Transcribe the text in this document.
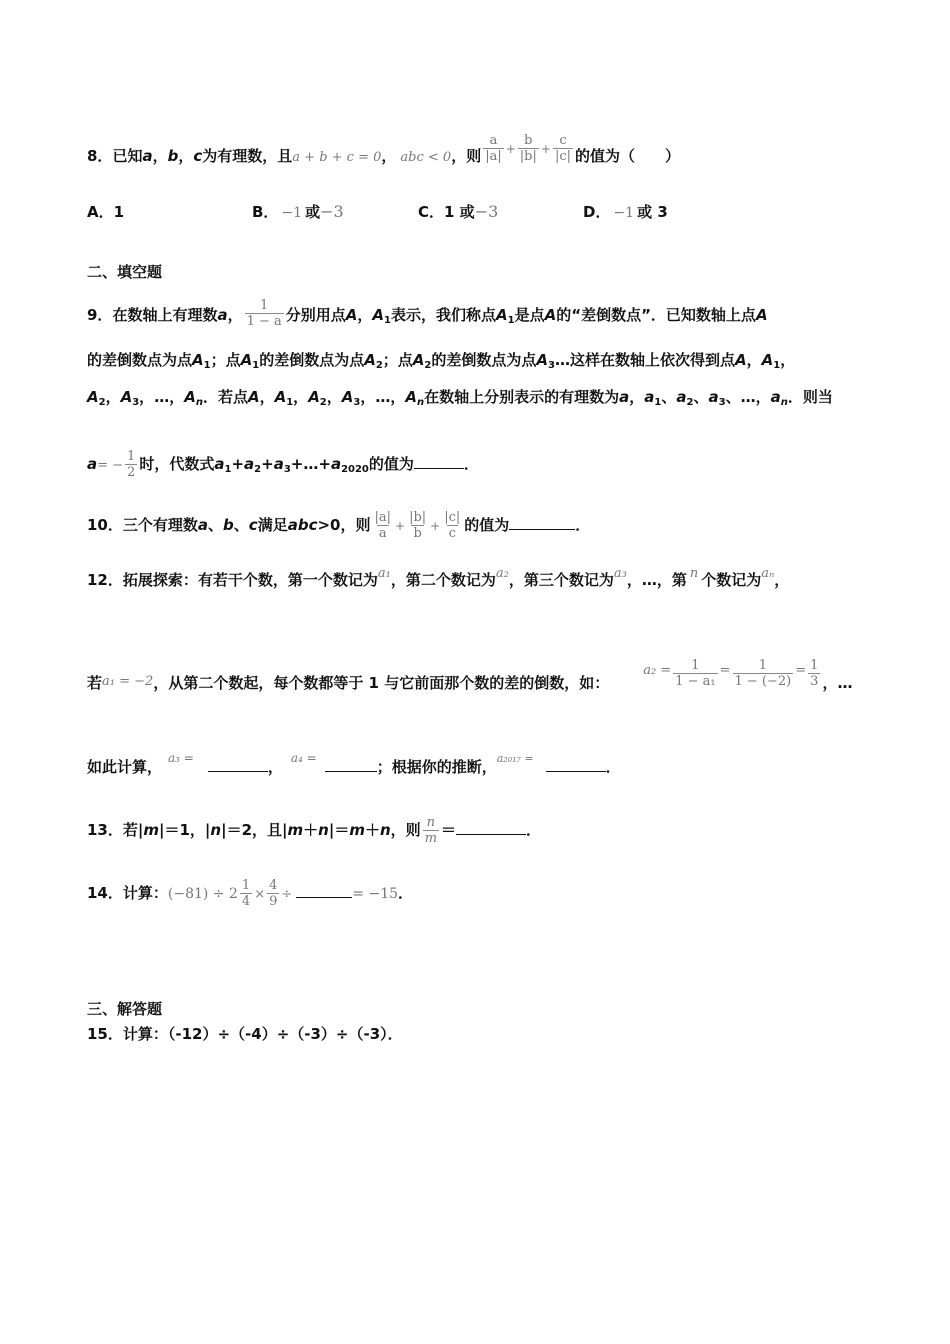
8．已知a，b，c为有理数，且a + b + c = 0， abc < 0，则 $\frac{a}{|a|} ^+ \frac{b}{|b|} ^+ \frac{c}{|c|}$ 的值为（　　）
A．1	B． −1 或−3	C．1 或−3	D． −1 或 3
二、填空题
9．在数轴上有理数a， $\frac{1}{1 - a}$ 分别用点A，$A_1$表示，我们称点$A_1$是点A的“差倒数点”．已知数轴上点A
的差倒数点为点$A_1$；点$A_1$的差倒数点为点$A_2$；点$A_2$的差倒数点为点$A_3\dots$这样在数轴上依次得到点A，$A_1$，
$A_2$，$A_3$，…，$A_n$．若点A，$A_1$，$A_2$，$A_3$，…，$A_n$在数轴上分别表示的有理数为a，$a_1$、$a_2$、$a_3$、…，$a_n$．则当
$a= - \frac{1}{2}$ 时，代数式$a_1+a_2+a_3+\dots+a_{2020}$的值为	．
10．三个有理数a、b、c满足abc>0，则 $\frac{|a|}{a} + \frac{|b|}{b} + \frac{|c|}{c}$ 的值为	．
12．拓展探索：有若干个数，第一个数记为a₁，第二个数记为a₂，第三个数记为a₃，…，第 n 个数记为aₙ，
若a₁ = −2，从第二个数起，每个数都等于 1 与它前面那个数的差的倒数，如：$a_2 = \frac{1}{\text{1 − a₁}} = \frac{1}{1 - (-2)} = \frac{1}{3}$ ，…
如此计算， $^{a_3 =}$	， $^{a_4 =}$	；根据你的推断，$^{a_{2017} =}$	．
13．若|m|＝1，|n|＝2，且|m＋n|＝m＋n，则 $\frac{n}{m}$ ＝	．
14．计算：$(-81) \div 2 \frac{1}{4} \times \frac{4}{9}$ ÷	= −15．
三、解答题
15．计算：（-12）÷（-4）÷（-3）÷（-3）．
